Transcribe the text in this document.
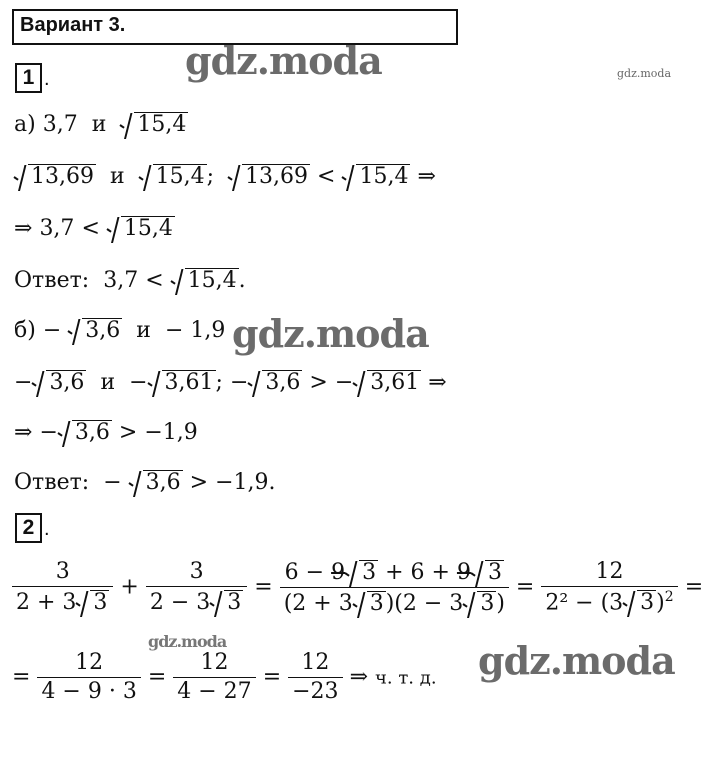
Вариант 3.
gdz.moda	gdz.moda
gdz.moda
gdz.moda	gdz.moda
1 .
а) 3,7 и 15,4
13,69 и 15,4; 13,69 < 15,4 ⇒
⇒ 3,7 < 15,4
Ответ: 3,7 < 15,4.
б) − 3,6 и − 1,9
− 3,6 и − 3,61; − 3,6 > − 3,61 ⇒
⇒ − 3,6 > −1,9
Ответ: − 3,6 > −1,9.
2 .
$\frac{3}{2 + 3 3} + \frac{3}{2 - 3 3} = \frac{6 - 9 3 + 6 + 9 3}{(2 + 3 3)(2 - 3 3)} = \frac{12}{2^2 - (3 3)^2}$ =
= $\frac{12}{4 - 9 \cdot 3} = \frac{12}{4 - 27} = \frac{12}{-23}$ ⇒ ч. т. д.
